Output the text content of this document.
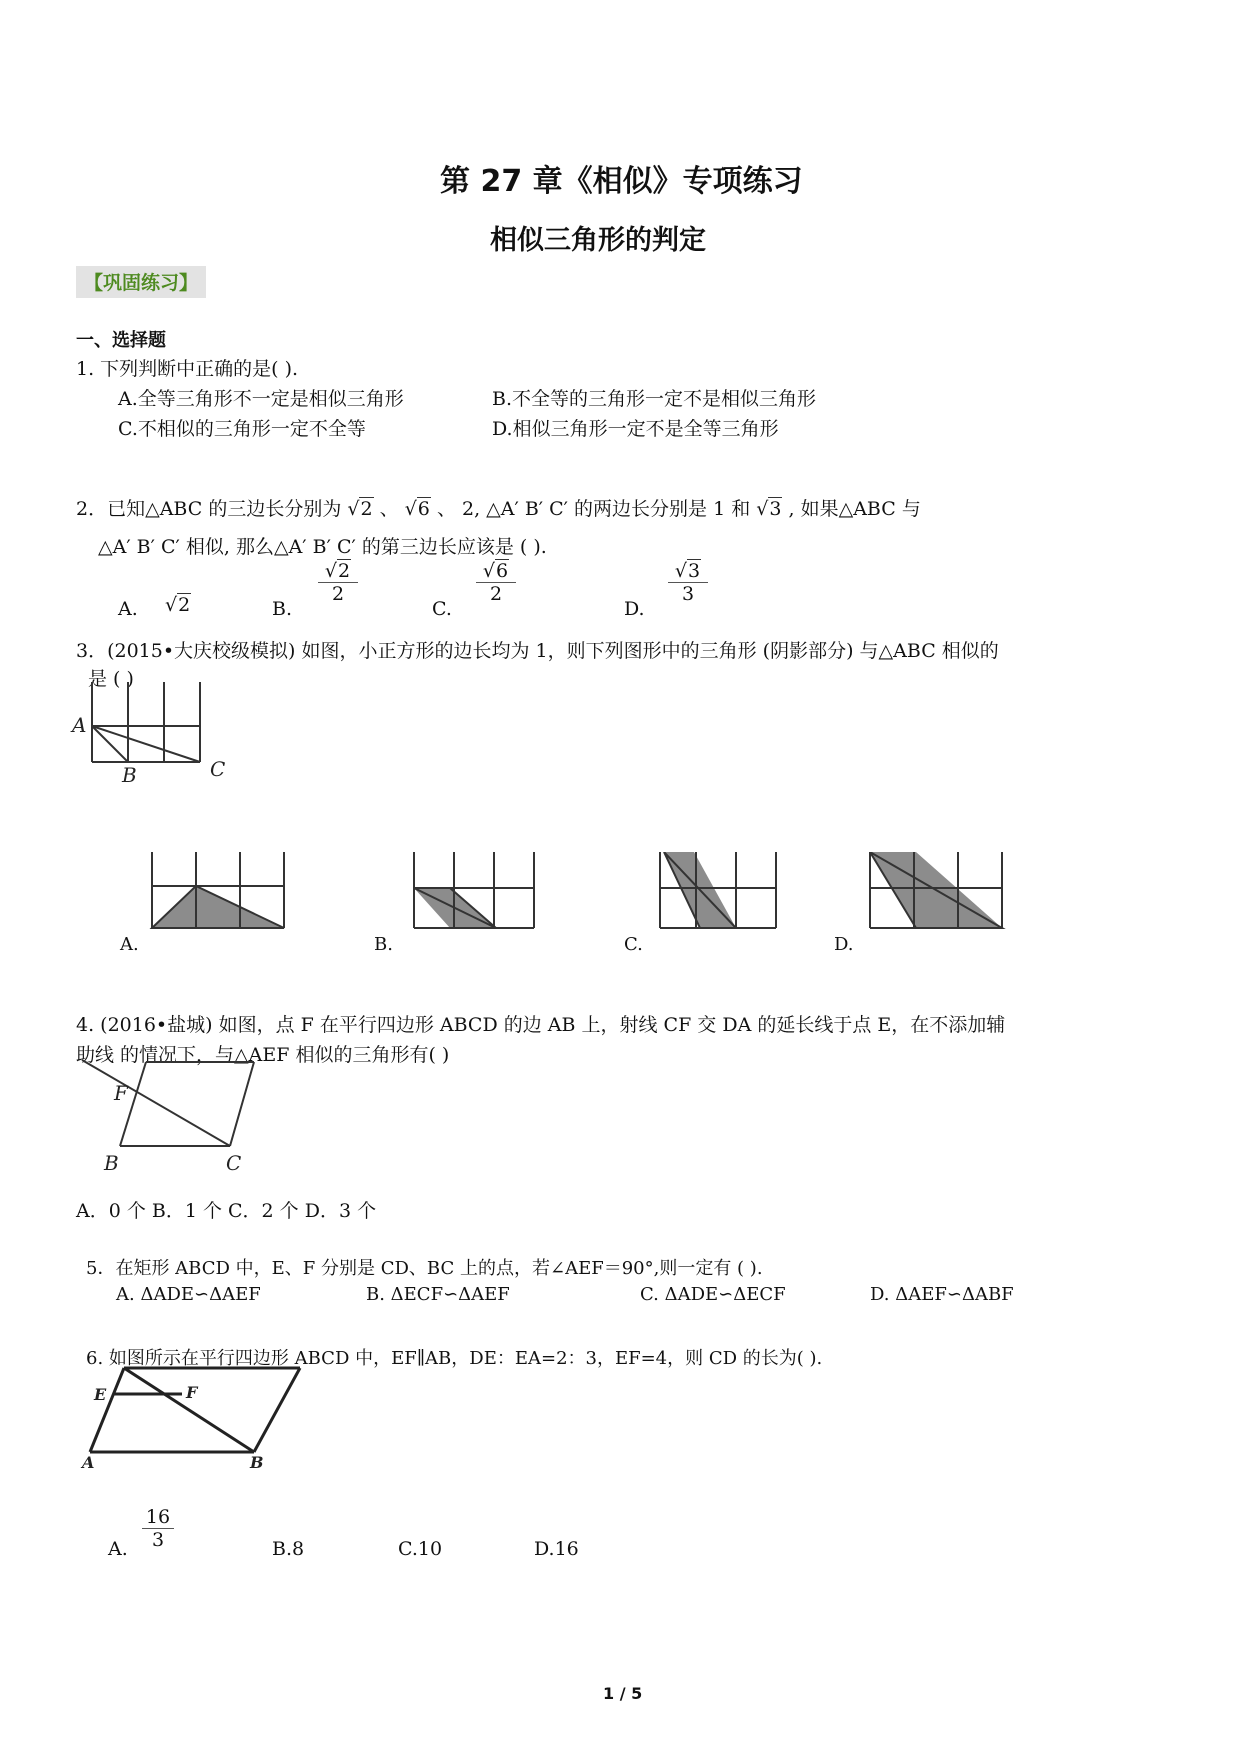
第 27 章《相似》专项练习
相似三角形的判定
【巩固练习】
一、选择题
1. 下列判断中正确的是( ).
A.全等三角形不一定是相似三角形	B.不全等的三角形一定不是相似三角形
C.不相似的三角形一定不全等	D.相似三角形一定不是全等三角形
2．已知△ABC 的三边长分别为 √2 、 √6 、 2, △A′ B′ C′ 的两边长分别是 1 和 √3 , 如果△ABC 与
△A′ B′ C′ 相似, 那么△A′ B′ C′ 的第三边长应该是 ( ).
A. √2	B.
$\frac{√2}{2}$
C.
$\frac{√6}{2}$
D.
$\frac{√3}{3}$
3．(2015•大庆校级模拟) 如图，小正方形的边长均为 1，则下列图形中的三角形 (阴影部分) 与△ABC 相似的
是 ( )
A
B	C
A.	B.	C.	D.
4. (2016•盐城) 如图，点 F 在平行四边形 ABCD 的边 AB 上，射线 CF 交 DA 的延长线于点 E，在不添加辅
助线 的情况下，与△AEF 相似的三角形有( )
F
B	C
A．0 个 B．1 个 C．2 个 D．3 个
5．在矩形 ABCD 中，E、F 分别是 CD、BC 上的点，若∠AEF＝90°,则一定有 ( ).
A. ΔADE∽ΔAEF	B. ΔECF∽ΔAEF	C. ΔADE∽ΔECF	D. ΔAEF∽ΔABF
6. 如图所示在平行四边形 ABCD 中，EF∥AB，DE：EA=2：3，EF=4，则 CD 的长为( ).
E	F
A	B
A. $\frac{16}{3}$	B.8	C.10	D.16
1 / 5
